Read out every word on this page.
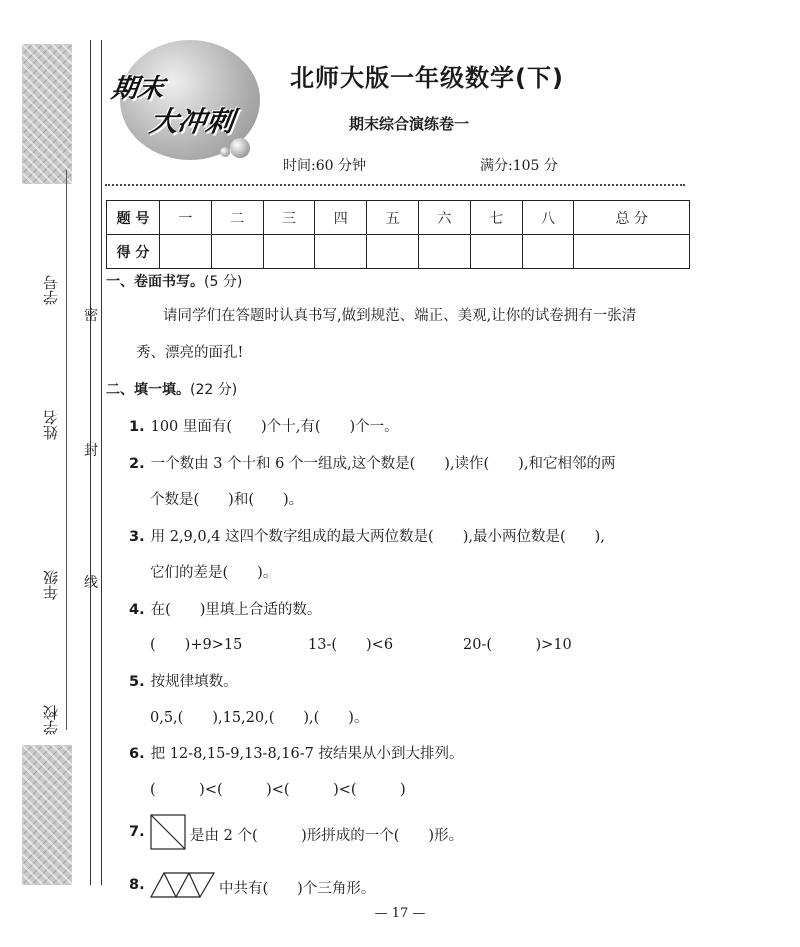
学号
姓名
年级
学校
密
封
线
期末
大冲刺
北师大版一年级数学(下)
期末综合演练卷一
时间:60 分钟	满分:105 分
题 号	一	二	三	四	五	六	七	八	总 分
得 分									
一、卷面书写。(5 分)
请同学们在答题时认真书写,做到规范、端正、美观,让你的试卷拥有一张清
秀、漂亮的面孔!
二、填一填。(22 分)
1. 100 里面有(　　)个十,有(　　)个一。
2. 一个数由 3 个十和 6 个一组成,这个数是(　　),读作(　　),和它相邻的两
个数是(　　)和(　　)。
3. 用 2,9,0,4 这四个数字组成的最大两位数是(　　),最小两位数是(　　),
它们的差是(　　)。
4. 在(　　)里填上合适的数。
(　　)+9>15	13-(　　)<6	20-(　　　)>10
5. 按规律填数。
0,5,(　　),15,20,(　　),(　　)。
6. 把 12-8,15-9,13-8,16-7 按结果从小到大排列。
(　　　)<(　　　)<(　　　)<(　　　)
7.	是由 2 个(　　　)形拼成的一个(　　)形。
8.	中共有(　　)个三角形。
— 17 —
